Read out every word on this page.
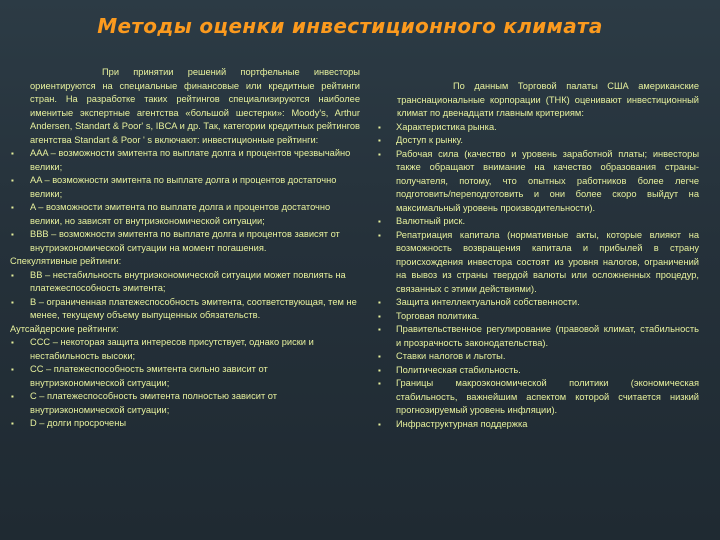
Методы оценки инвестиционного климата

При принятии решений портфельные инвесторы ориентируются на специальные финансовые или кредитные рейтинги стран. На разработке таких рейтингов специализируются наиболее именитые экспертные агентства «большой шестерки»: Moody's, Arthur Andersen, Standart & Poor' s, IBCA и др. Так, категории кредитных рейтингов агентства Standart & Poor ' s включают: инвестиционные рейтинги:

▪ AAA – возможности эмитента по выплате долга и процентов чрезвычайно велики;

▪ AA – возможности эмитента по выплате долга и процентов достаточно велики;

▪ A – возможности эмитента по выплате долга и процентов достаточно велики, но зависят от внутриэкономической ситуации;

▪ BBB – возможности эмитента по выплате долга и процентов зависят от внутриэкономической ситуации на момент погашения.

Спекулятивные рейтинги:

▪ BB – нестабильность внутриэкономической ситуации может повлиять на платежеспособность эмитента;

▪ B – ограниченная платежеспособность эмитента, соответствующая, тем не менее, текущему объему выпущенных обязательств.

Аутсайдерские рейтинги:

▪ CCC – некоторая защита интересов присутствует, однако риски и нестабильность высоки;

▪ CC – платежеспособность эмитента сильно зависит от внутриэкономической ситуации;

▪ С – платежеспособность эмитента полностью зависит от внутриэкономической ситуации;

▪ D – долги просрочены

По данным Торговой палаты США американские транснациональные корпорации (ТНК) оценивают инвестиционный климат по двенадцати главным критериям:

▪ Характеристика рынка.

▪ Доступ к рынку.

▪ Рабочая сила (качество и уровень заработной платы; инвесторы также обращают внимание на качество образования страны-получателя, потому, что опытных работников более легче подготовить/переподготовить и они более скоро выйдут на максимальный уровень производительности).

▪ Валютный риск.

▪ Репатриация капитала (нормативные акты, которые влияют на возможность возвращения капитала и прибылей в страну происхождения инвестора состоят из уровня налогов, ограничений на вывоз из страны твердой валюты или осложненных процедур, связанных с этими действиями).

▪ Защита интеллектуальной собственности.

▪ Торговая политика.

▪ Правительственное регулирование (правовой климат, стабильность и прозрачность законодательства).

▪ Ставки налогов и льготы.

▪ Политическая стабильность.

▪ Границы макроэкономической политики (экономическая стабильность, важнейшим аспектом которой считается низкий прогнозируемый уровень инфляции).

▪ Инфраструктурная поддержка
